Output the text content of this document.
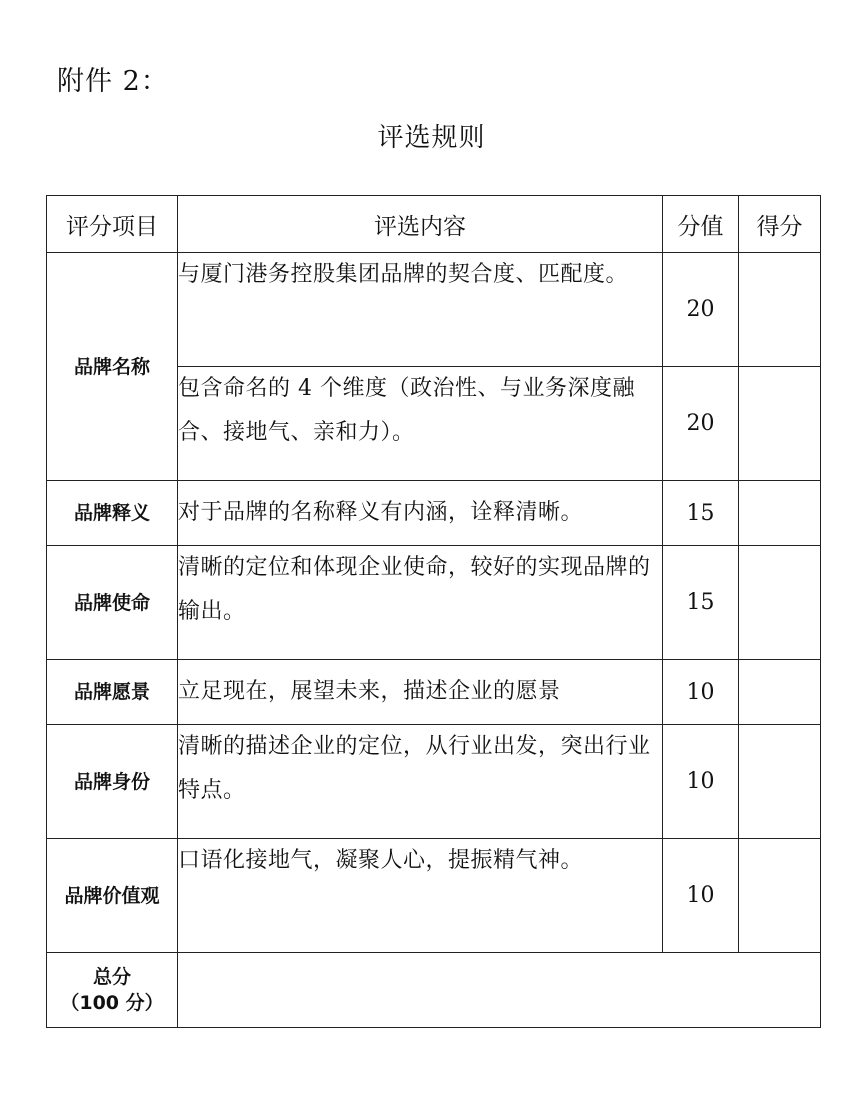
附件 2：
评选规则
评分项目	评选内容	分值	得分
品牌名称	与厦门港务控股集团品牌的契合度、匹配度。	20	
	包含命名的 4 个维度（政治性、与业务深度融合、接地气、亲和力）。	20	
品牌释义	对于品牌的名称释义有内涵，诠释清晰。	15	
品牌使命	清晰的定位和体现企业使命，较好的实现品牌的输出。	15	
品牌愿景	立足现在，展望未来，描述企业的愿景	10	
品牌身份	清晰的描述企业的定位，从行业出发，突出行业特点。	10	
品牌价值观	口语化接地气，凝聚人心，提振精气神。	10	

总分
（100 分）			
